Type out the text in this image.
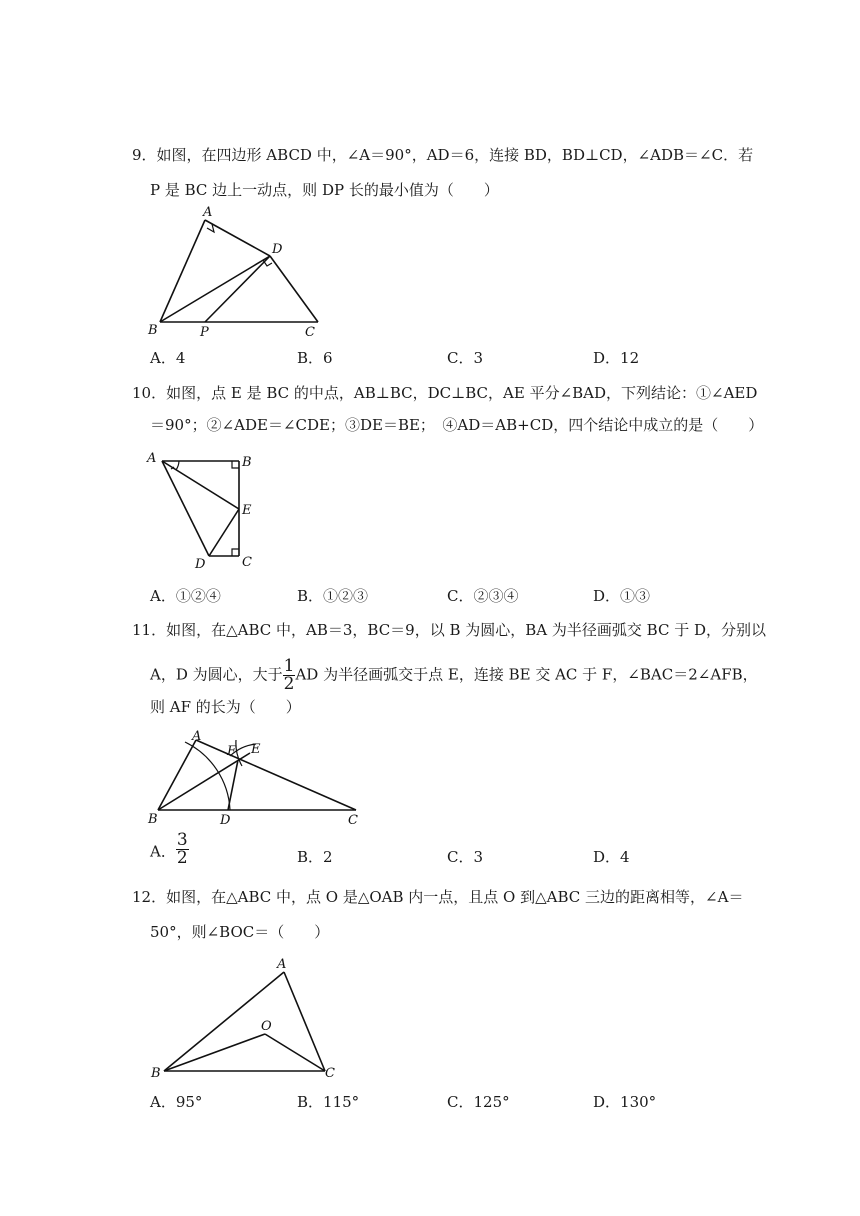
9．如图，在四边形 ABCD 中，∠A＝90°，AD＝6，连接 BD，BD⊥CD，∠ADB＝∠C．若
P 是 BC 边上一动点，则 DP 长的最小值为（　　）
A
D
B	P	C
A．4	B．6	C．3	D．12
10．如图，点 E 是 BC 的中点，AB⊥BC，DC⊥BC，AE 平分∠BAD，下列结论：①∠AED
＝90°；②∠ADE＝∠CDE；③DE＝BE；　④AD＝AB+CD，四个结论中成立的是（　　）
A	B
E
D	C
A．①②④	B．①②③	C．②③④	D．①③
11．如图，在△ABC 中，AB＝3，BC＝9，以 B 为圆心，BA 为半径画弧交 BC 于 D，分别以
A，D 为圆心，大于 $\frac{1}{2}$ AD 为半径画弧交于点 E，连接 BE 交 AC 于 F，∠BAC＝2∠AFB，
则 AF 的长为（　　）
A
F E
B	D	C
A． $\frac{3}{2}$	B．2	C．3	D．4
12．如图，在△ABC 中，点 O 是△OAB 内一点，且点 O 到△ABC 三边的距离相等，∠A＝
50°，则∠BOC＝（　　）
A
O
B	C
A．95°	B．115°	C．125°	D．130°
